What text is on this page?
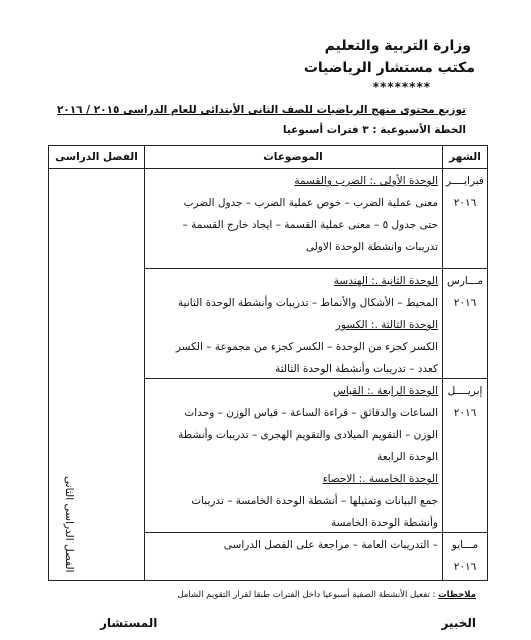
وزارة التربية والتعليم
مكتب مستشار الرياضيات
********
توزيع محتوى منهج الرياضيات للصف الثانى الأبتدائى للعام الدراسى ٢٠١٥ / ٢٠١٦
الخطة الأسبوعية : ٣ فترات أسبوعيا
الشهر
الموضوعات
الفصل الدراسى
الفصل الدراسى الثانى
فبرايــــر
٢٠١٦
الوحدة الأولى .: الضرب والقسمة
معنى عملية الضرب – خوص عملية الضرب – جدول الضرب
حتى جدول ٥ – معنى عملية القسمة – ايجاد خارج القسمة –
تدريبات وانشطة الوحدة الاولى
مـــارس
٢٠١٦
الوحدة الثانية .: الهندسة
المحيط – الأشكال والأنماط – تدريبات وأنشطة الوحدة الثانية
الوحدة الثالثة .: الكسور
الكسر كجزء من الوحدة – الكسر كجزء من مجموعة – الكسر
كعدد – تدريبات وأنشطة الوحدة الثالثة
إبريــــل
٢٠١٦
الوحدة الرابعة .: القياس
الساعات والدقائق – قراءة الساعة – قياس الوزن – وحدات
الوزن – التقويم الميلادى والتقويم الهجرى – تدريبات وأنشطة
الوحدة الرابعة
الوحدة الخامسة .: الاحصاء
جمع البيانات وتمثيلها – أنشطة الوحدة الخامسة – تدريبات
وأنشطة الوحدة الخامسة
مـــايو
٢٠١٦
– التدريبات العامة – مراجعة على الفصل الدراسى
ملاحظات : تفعيل الأنشطة الصفية أسبوعيا داخل الفترات طبقا لقرار التقويم الشامل
الخبير
المستشار
